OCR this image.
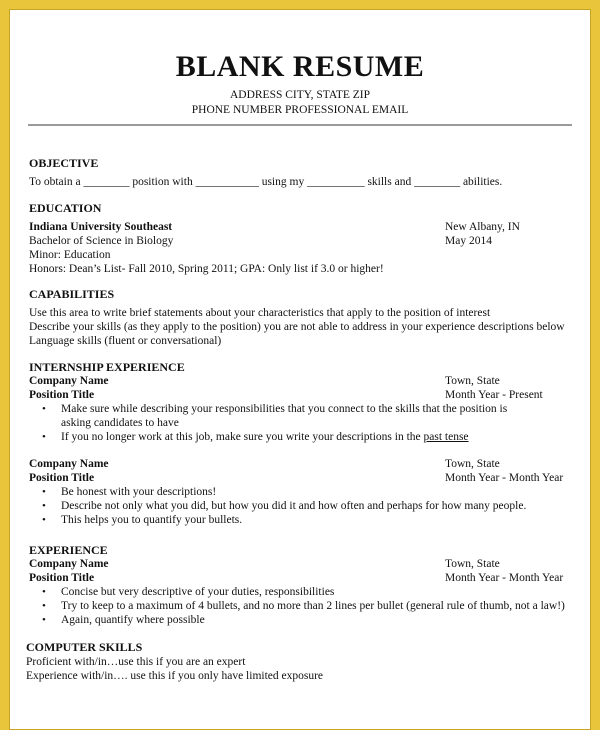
BLANK RESUME
ADDRESS CITY, STATE ZIP
PHONE NUMBER PROFESSIONAL EMAIL
OBJECTIVE
To obtain a ________ position with ___________ using my __________ skills and ________ abilities.
EDUCATION
Indiana University Southeast	New Albany, IN
Bachelor of Science in Biology	May 2014
Minor: Education
Honors: Dean’s List- Fall 2010, Spring 2011; GPA: Only list if 3.0 or higher!
CAPABILITIES
Use this area to write brief statements about your characteristics that apply to the position of interest
Describe your skills (as they apply to the position) you are not able to address in your experience descriptions below
Language skills (fluent or conversational)
INTERNSHIP EXPERIENCE
Company Name	Town, State
Position Title	Month Year - Present
• Make sure while describing your responsibilities that you connect to the skills that the position is
asking candidates to have
• If you no longer work at this job, make sure you write your descriptions in the past tense
Company Name	Town, State
Position Title	Month Year - Month Year
• Be honest with your descriptions!
• Describe not only what you did, but how you did it and how often and perhaps for how many people.
• This helps you to quantify your bullets.
EXPERIENCE
Company Name	Town, State
Position Title	Month Year - Month Year
• Concise but very descriptive of your duties, responsibilities
• Try to keep to a maximum of 4 bullets, and no more than 2 lines per bullet (general rule of thumb, not a law!)
• Again, quantify where possible
COMPUTER SKILLS
Proficient with/in…use this if you are an expert
Experience with/in…. use this if you only have limited exposure
